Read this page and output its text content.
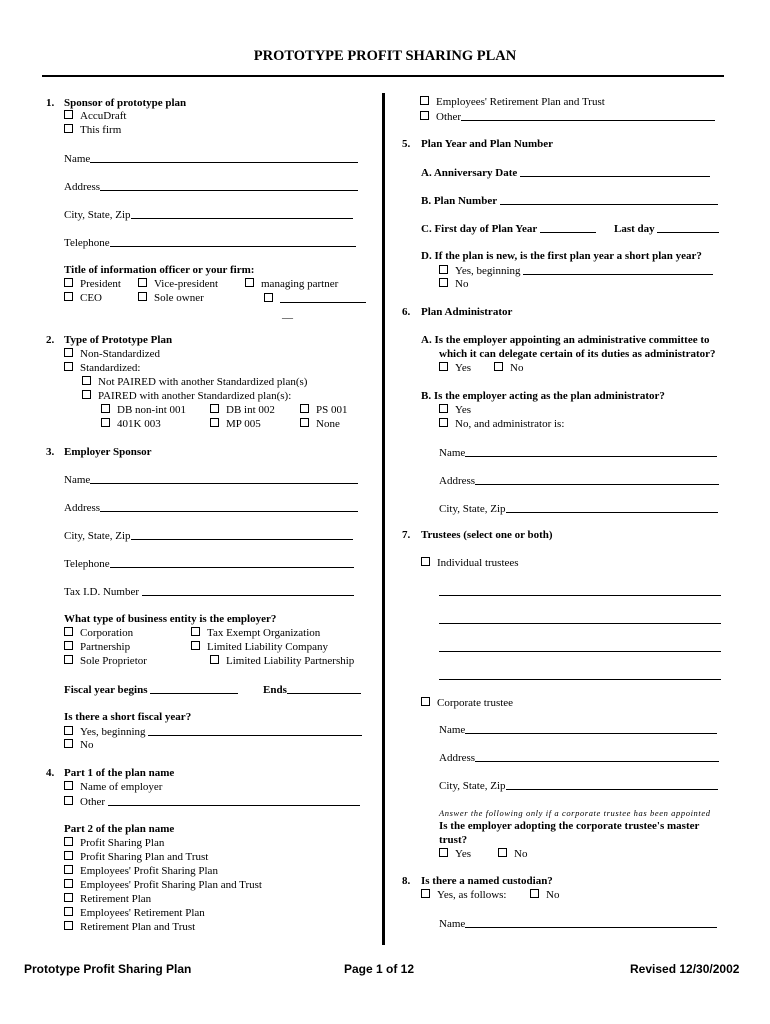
PROTOTYPE PROFIT SHARING PLAN
1. Sponsor of prototype plan
AccuDraft
This firm
Name
Address
City, State, Zip
Telephone
Title of information officer or your firm:
President	Vice-president	managing partner
CEO	Sole owner
__
2. Type of Prototype Plan
Non-Standardized
Standardized:
Not PAIRED with another Standardized plan(s)
PAIRED with another Standardized plan(s):
DB non-int 001	DB int 002	PS 001
401K 003	MP 005	None
3. Employer Sponsor
Name
Address
City, State, Zip
Telephone
Tax I.D. Number
What type of business entity is the employer?
Corporation	Tax Exempt Organization
Partnership	Limited Liability Company
Sole Proprietor	Limited Liability Partnership
Fiscal year begins	Ends
Is there a short fiscal year?
Yes, beginning
No
4. Part 1 of the plan name
Name of employer
Other
Part 2 of the plan name
Profit Sharing Plan
Profit Sharing Plan and Trust
Employees' Profit Sharing Plan
Employees' Profit Sharing Plan and Trust
Retirement Plan
Employees' Retirement Plan
Retirement Plan and Trust
Employees' Retirement Plan and Trust
Other
5. Plan Year and Plan Number
A. Anniversary Date
B. Plan Number
C. First day of Plan Year	Last day
D. If the plan is new, is the first plan year a short plan year?
Yes, beginning
No
6. Plan Administrator
A. Is the employer appointing an administrative committee to
which it can delegate certain of its duties as administrator?
Yes	No
B. Is the employer acting as the plan administrator?
Yes
No, and administrator is:
Name
Address
City, State, Zip
7. Trustees (select one or both)
Individual trustees
Corporate trustee
Name
Address
City, State, Zip
Answer the following only if a corporate trustee has been appointed
Is the employer adopting the corporate trustee's master
trust?
Yes	No
8. Is there a named custodian?
Yes, as follows:	No
Name
Prototype Profit Sharing Plan	Page 1 of 12	Revised 12/30/2002
